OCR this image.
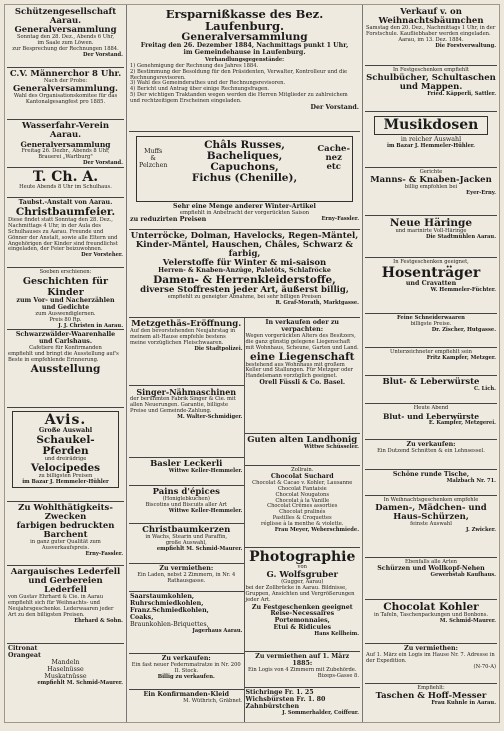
Schützengesellschaft Aarau.
Generalversammlung
Sonntag den 28. Dez., Abends 6 Uhr,
im Saale zum Löwen.
zur Besprechung der Rechnungen 1884.
Der Vorstand.
C.V. Männerchor 8 Uhr.
Nach der Probe:
Generalversammlung.
Wahl des Organisationskomitee für das
Kantonalgesangfest pro 1885.
Wasserfahr-Verein Aarau.
Generalversammlung
Freitag 26. Dezbr., Abends 8 Uhr,
Brauerei „Wartburg"
Der Vorstand.
T. Ch. A.
Heute Abends 8 Uhr im Schulhaus.
Taubst.-Anstalt von Aarau.
Christbaumfeier.
Diese findet statt Sonntag den 28. Dez., Nachmittags 4 Uhr, in der Aula des Schulhauses zu Aarau. Freunde und Gönner der Anstalt, sowie alle Eltern und Angehörigen der Kinder sind freundlichst eingeladen, der Feier beizuwohnen.
Der Vorsteher.
Soeben erschienen:
Geschichten für Kinder
zum Vor- und Nacherzählen
und Gedichte
zum Auswendiglernen.
Preis 80 Rp.
J. J. Christen in Aarau.
Schwarzwälder-Waarenhalle
und Carlshaus.
Cafetiere für Konfirmanden
empfiehlt und bringt die Ausstellung auf's Beste in empfehlende Erinnerung.
Ausstellung
Avis.
Große Auswahl
Schaukel-Pferden
und dreirädrige
Velocipedes
zu billigsten Preisen
im Bazar J. Hemmeler-Hühler
Zu Wohlthätigkeits-Zwecken
farbigen bedruckten Barchent
in ganz guter Qualität zum Ausverkaufspreis.
Erny-Fassler.
Aargauisches Lederfell
und Gerbereien Lederfell
von Gustav Ehrhard & Cie. in Aarau empfiehlt sich für Weihnachts- und Neujahrsgeschenke. Lederwaaren jeder Art zu den billigsten Preisen.
Ehrhard & Sohn.
Citronat
Orangeat
Mandeln
Haselnüsse
Muskatnüsse
empfiehlt M. Schmid-Maurer.
Ersparnißkasse des Bez. Laufenburg.
Generalversammlung
Freitag den 26. Dezember 1884, Nachmittags punkt 1 Uhr,
im Gemeindehause in Laufenburg.
Verhandlungsgegenstände:
1) Genehmigung der Rechnung des Jahres 1884.
2) Bestimmung der Besoldung für den Präsidenten, Verwalter, Kontrolleur und die Rechnungsrevisoren.
3) Wahl des Gemeinderathes und der Rechnungsrevisoren.
4) Bericht und Antrag über einige Rechnungsfragen.
5) Der wichtigen Traktanden wegen werden die Herren Mitglieder zu zahlreichem und rechtzeitigem Erscheinen eingeladen.
Der Vorstand.
Châls Russes,
Bacheliques,
Capuchons,
Fichus (Chenille),
Muffs
&
Pelzchen
Cache-
nez
etc
Sehr eine Menge anderer Winter-Artikel
empfiehlt in Anbetracht der vorgerückten Saison
zu reduzirten Preisen	Erny-Fassler.
Unterröcke, Dolman, Havelocks, Regen-Mäntel,
Kinder-Mäntel, Hauschen, Châles, Schwarz & farbig,
Velerstoffe für Winter & mi-saison
Herren- & Knaben-Anzüge, Paletôts, Schlafröcke
Damen- & Herrenkleiderstoffe,
diverse Stoffresten jeder Art, äußerst billig,
empfiehlt zu geneigter Abnahme, bei sehr billigen Preisen
R. Graf-Morath, Marktgasse.
Metzgethäs-Eröffnung.
Auf den bevorstehenden Neujahrstag in meinem alt-Hause empfehle bestens meine vorzüglichen Fleischwaaren.
Die Stadtpolizei.
Singer-Nähmaschinen
der berühmten Fabrik Singer & Cie. mit allen Neuerungen. Garantie, billigste Preise und Gemeinde-Zahlung.
M. Walter-Schmidiger.
Basler Leckerli
Wittwe Keller-Hemmeler.
Pains d'épices
(Honiglebkuchen)
Biscotins und Biscuits aller Art
Wittwe Keller-Hemmeler.
Christbaumkerzen
in Wachs, Stearin und Paraffin,
große Auswahl,
empfiehlt M. Schmid-Maurer.
Zu vermiethen:
Ein Laden, nebst 2 Zimmern, in Nr. 4 Rathausgasse.
Saarstaumkohlen,
Ruhrschmiedkohlen,
Franz.Schmiedkohlen,
Coaks,
Braunkohlen-Briquettes,
Jagerhaus Aarau.
Zu verkaufen:
Ein fast neuer Federnmatratze in Nr. 200 II. Stock.
Billig zu verkaufen.
Ein Konfirmanden-Kleid
M. Wüthrich, Gräbnet.
In verkaufen oder zu verpachten:
Wegen vorgerückten Alters des Besitzers, die ganz günstig gelegene Liegenschaft mit Wohnhaus, Scheune, Garten und Land.
eine Liegenschaft
bestehend aus Wohnhaus mit großem Keller und Stallungen. Für Metzger oder Handelsmann vorzüglich geeignet.
Orell Füssli & Co. Basel.
Guten alten Landhonig
Wittwe Schüsseler.
Zollrain.
Chocolat Suchard
Chocolat & Cacao v. Kohler, Lausanne
Chocolat Fantaisie
Chocolat Nougatons
Chocolat à la Vanille
Chocolat Crêmes assorties
Chocolat pralinés
Pastilles & Croquettes
réglisse à la menthe & violette.
Frau Meyer, Weberschmiede.
Photographie
von
G. Wolfsgruber
(Gugger, Aarau)
bei der Zollbrücke in Aarau. Bildnisse, Gruppen, Ansichten und Vergrößerungen jeder Art.
Zu Festgeschenken geeignet
Reise-Necessaires
Portemonnaies,
Etui & Ridicules
Hans Kellheim.
Zu vermiethen auf 1. März 1885:
Ein Logis von 4 Zimmern mit Zubehörde.
Bizeps-Gasse 8.
Stichringe Fr. 1. 25
Wichsbürsten Fr. 1. 80
Zahnbürstchen
J. Sommerhalder, Coiffeur.
Verkauf v. on Weihnachtsbäumchen
Samstag den 20. Dez., Nachmittags 1 Uhr, in der Forstschule. Kaufliebhaber werden eingeladen.
Aarau, im 13. Dez. 1884.
Die Forstverwaltung.
In Festgeschenken empfiehlt
Schulbücher, Schultaschen
und Mappen.
Fried. Käpperli, Sattler.
Musikdosen
in reicher Auswahl
im Bazar J. Hemmeler-Hühler.
Gerichte
Manns- & Knaben-Jacken
billig empfohlen bei
Eyer-Erny.
Neue Häringe
und marinirte Voll-Häringe
Die Stadtmühlen Aarau.
In Festgeschenken geeignet,
Hosenträger
und Cravatten
W. Hemmeler-Füchter.
Feine Schneiderwaaren
billigste Preise.
Dr. Zischer, Hutgasse.
Unterzeichneter empfiehlt sein
Fritz Kampfer, Metzger.
Blut- & Leberwürste
C. Lich.
Heute Abend
Blut- und Leberwürste
E. Kampfer, Metzgerei.
Zu verkaufen:
Ein Dutzend Schnitten & ein Lehnsessel.
Schöne runde Tische,
Malzbach Nr. 71.
In Weihnachtsgeschenken empfehle
Damen-, Mädchen- und Haus-Schürzen,
feinste Auswahl
J. Zwicker.
Ebenfalls alle Arten
Schürzen und Wollkopf-Nehen
Gewerbstab Kaufhaus.
Chocolat Kohler
in Tafeln, Taschenpackungen und Bonbons.
M. Schmid-Maurer.
Zu vermiethen:
Auf 1. März ein Logis im Hause Nr. 7. Adresse in der Expedition.
(N-70-A)
Empfiehlt:
Taschen & Hoff-Messer
Frau Kuhnle in Aarau.
